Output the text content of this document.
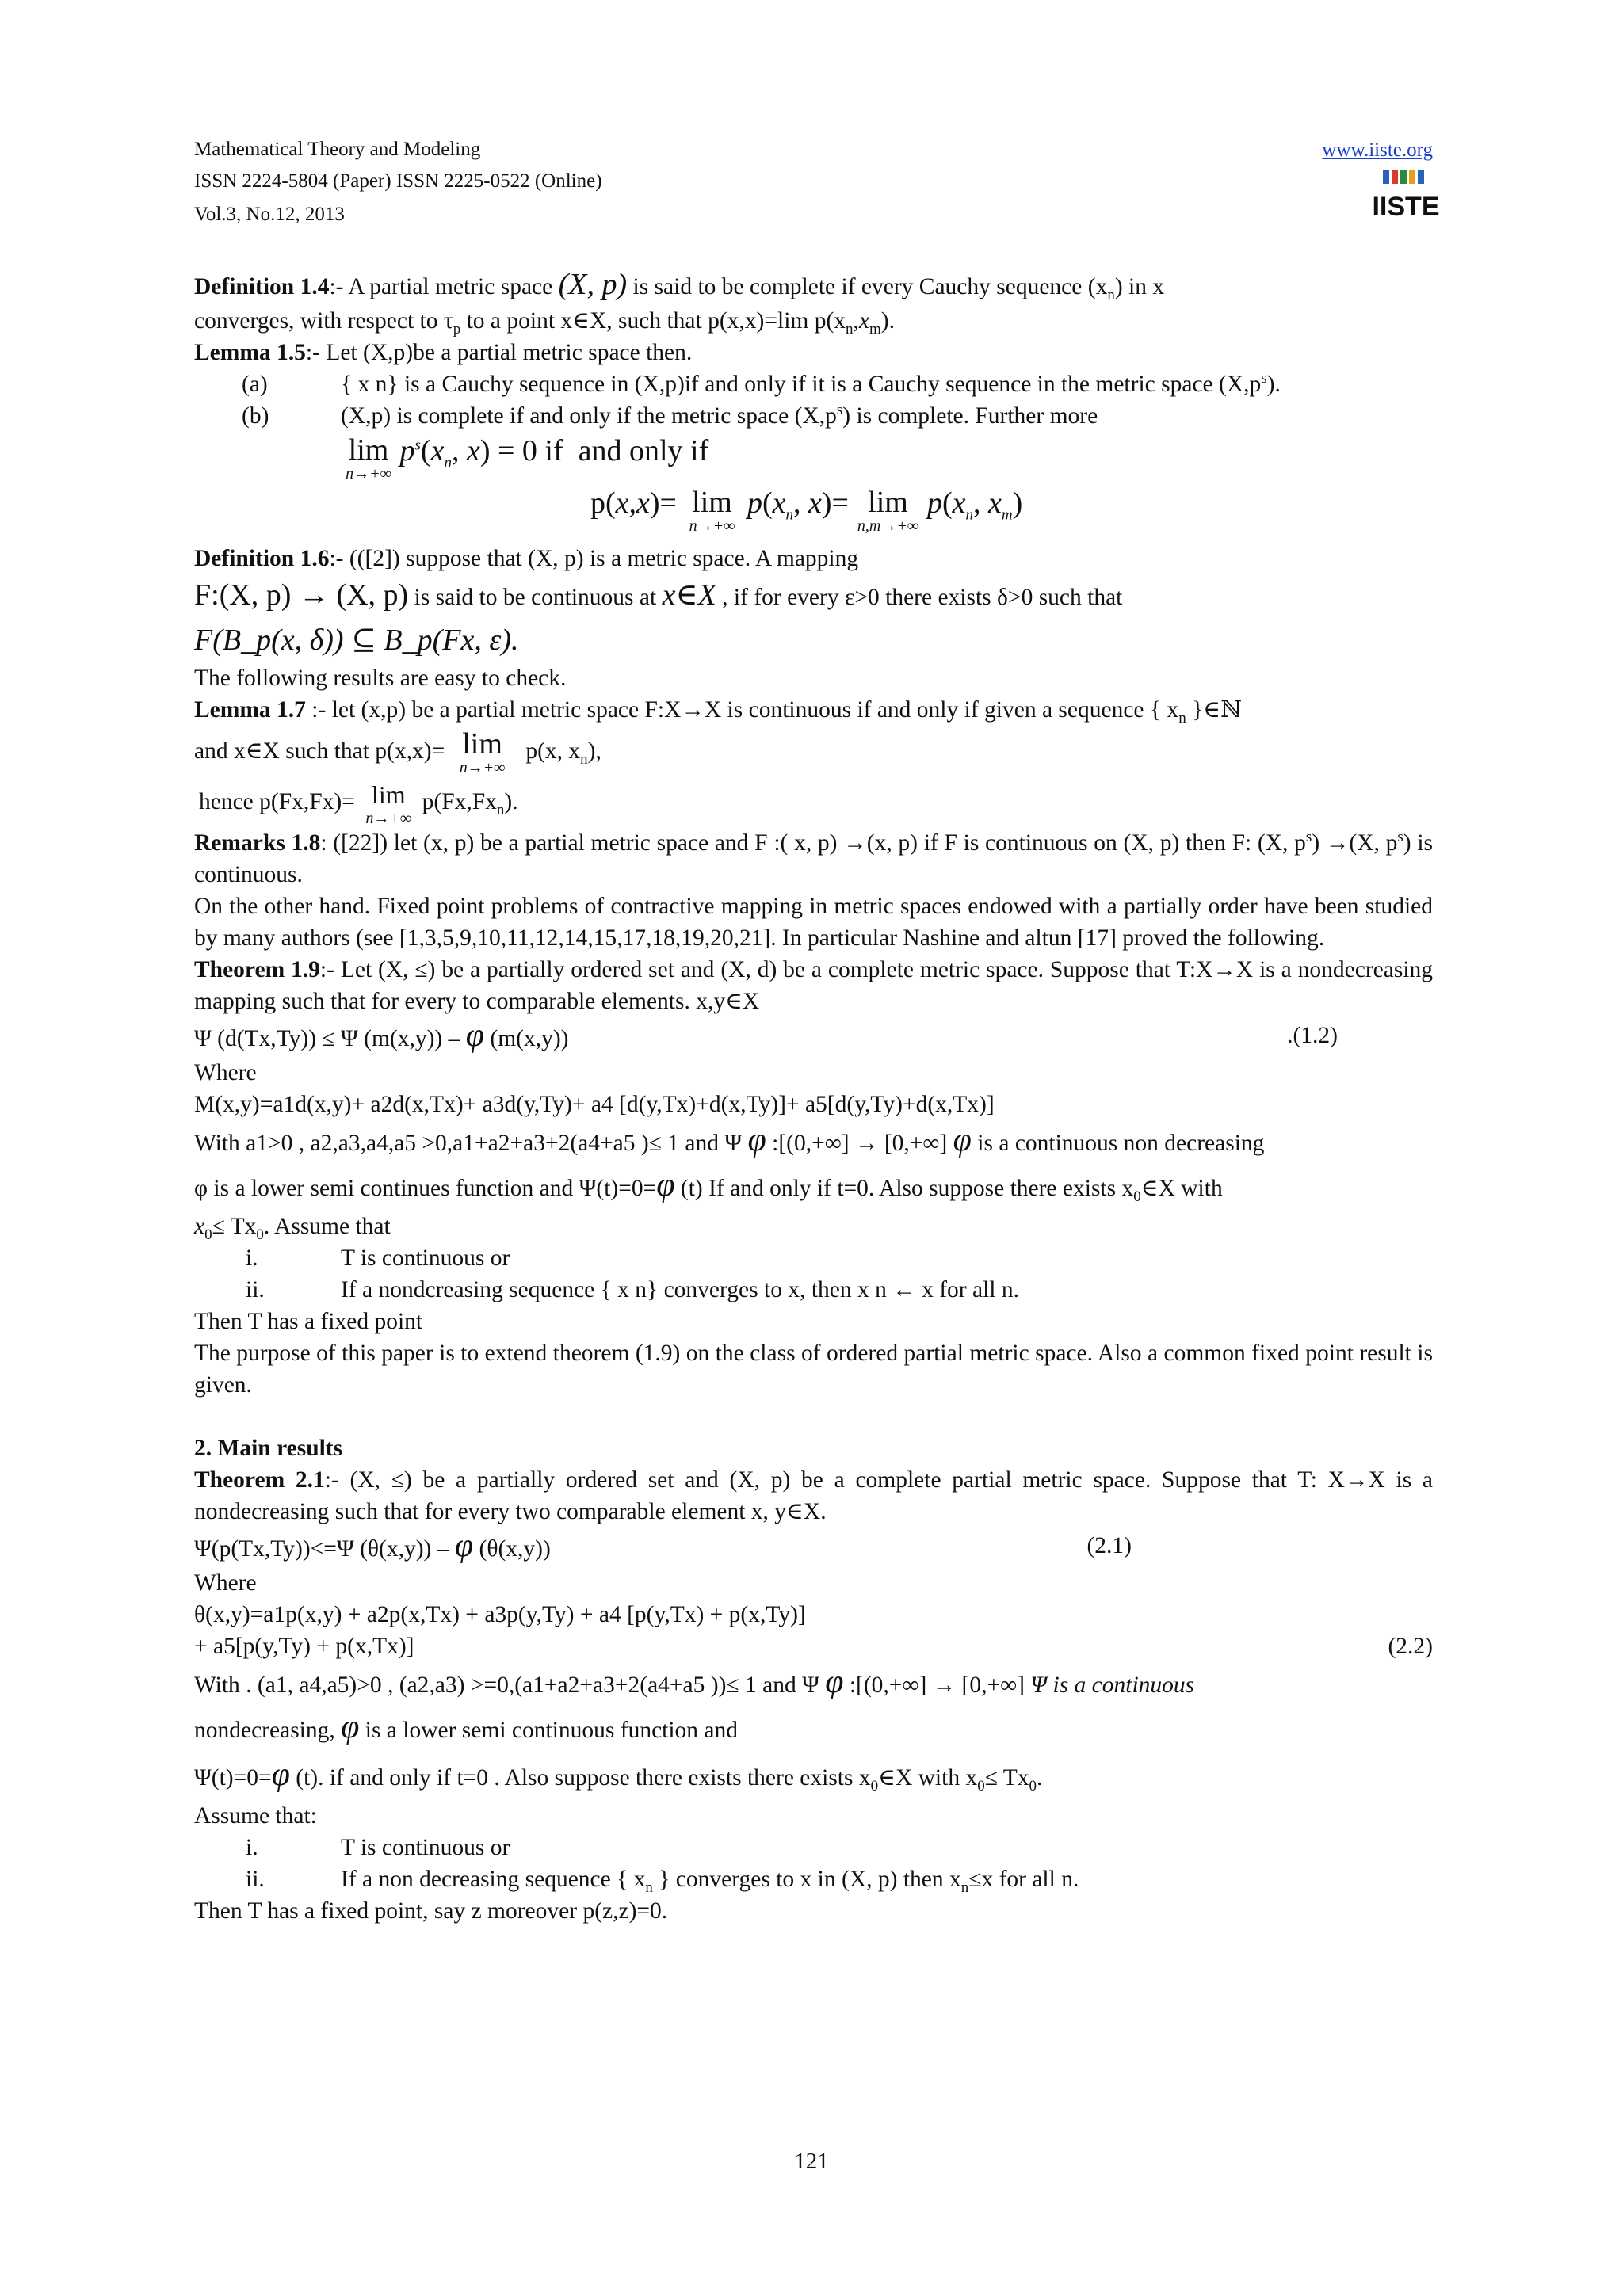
Mathematical Theory and Modeling
ISSN 2224-5804 (Paper) ISSN 2225-0522 (Online)
Vol.3, No.12, 2013
www.iiste.org
IISTE

Definition 1.4:- A partial metric space (X, p) is said to be complete if every Cauchy sequence $(x_n)$ in x

converges, with respect to $\tau_p$ to a point x∈X, such that p(x,x)=lim $p(x_n,x_m)$.

Lemma 1.5:- Let (X,p)be a partial metric space then.

(a)	{ x n} is a Cauchy sequence in (X,p)if and only if it is a Cauchy sequence in the metric space $(X,p^s)$.

(b)	(X,p) is complete if and only if the metric space $(X,p^s)$ is complete. Further more

lim
n→+∞
$p^s(x_n$, x) = 0 if  and only if
p(x,x)= lim
n→+∞
$p(x_n$, x)= lim
n,m→+∞
$p(x_n$, $x_m$)

Definition 1.6:- (([2]) suppose that (X, p) is a metric space. A mapping

F:(X, p) → (X, p) is said to be continuous at x∈X , if for every ε>0 there exists δ>0 such that

F(B_p(x, δ)) ⊆ B_p(Fx, ε).

The following results are easy to check.

Lemma 1.7 :- let (x,p) be a partial metric space F:X→X is continuous if and only if given a sequence { $x_n$ }∈ℕ

and x∈X such that p(x,x)= lim
n→+∞
p(x, $x_n$),
hence p(Fx,Fx)= lim
n→+∞
$p(Fx,Fx_n)$.

Remarks 1.8: ([22]) let (x, p) be a partial metric space and F :( x, p) →(x, p) if F is continuous on (X, p) then F: (X, $p^s) \to(X$, $p^s$) is continuous.

On the other hand. Fixed point problems of contractive mapping in metric spaces endowed with a partially order have been studied by many authors (see [1,3,5,9,10,11,12,14,15,17,18,19,20,21]. In particular Nashine and altun [17] proved the following.

Theorem 1.9:- Let (X, ≤) be a partially ordered set and (X, d) be a complete metric space. Suppose that T:X→X is a nondecreasing mapping such that for every to comparable elements. x,y∈X

Ψ (d(Tx,Ty)) ≤ Ψ (m(x,y)) – φ (m(x,y))	.(1.2)

Where

M(x,y)=a1d(x,y)+ a2d(x,Tx)+ a3d(y,Ty)+ a4 [d(y,Tx)+d(x,Ty)]+ a5[d(y,Ty)+d(x,Tx)]

With a1>0 , a2,a3,a4,a5 >0,a1+a2+a3+2(a4+a5 )≤ 1 and Ψ φ :[(0,+∞] → [0,+∞] φ is a continuous non decreasing

φ is a lower semi continues function and Ψ(t)=0=φ (t) If and only if t=0. Also suppose there exists $x_0\in X$ with

$x_0\le Tx_0$. Assume that

i.	T is continuous or

ii.	If a nondcreasing sequence { x n} converges to x, then x n ← x for all n.

Then T has a fixed point

The purpose of this paper is to extend theorem (1.9) on the class of ordered partial metric space. Also a common fixed point result is given.

2. Main results

Theorem 2.1:- (X, ≤) be a partially ordered set and (X, p) be a complete partial metric space. Suppose that T: X→X is a nondecreasing such that for every two comparable element x, y∈X.

Ψ(p(Tx,Ty))<=Ψ (θ(x,y)) – φ (θ(x,y))	(2.1)

Where

θ(x,y)=a1p(x,y) + a2p(x,Tx) + a3p(y,Ty) + a4 [p(y,Tx) + p(x,Ty)]

+ a5[p(y,Ty) + p(x,Tx)]	(2.2)

With . (a1, a4,a5)>0 , (a2,a3) >=0,(a1+a2+a3+2(a4+a5 ))≤ 1 and Ψ φ :[(0,+∞] → [0,+∞] Ψ is a continuous

nondecreasing, φ is a lower semi continuous function and

Ψ(t)=0=φ (t). if and only if t=0 . Also suppose there exists there exists $x_0\in X$ with $x_0\le Tx_0$.

Assume that:

i.	T is continuous or

ii.	If a non decreasing sequence { $x_n$ } converges to x in (X, p) then $x_n\le x$ for all n.

Then T has a fixed point, say z moreover p(z,z)=0.

121
